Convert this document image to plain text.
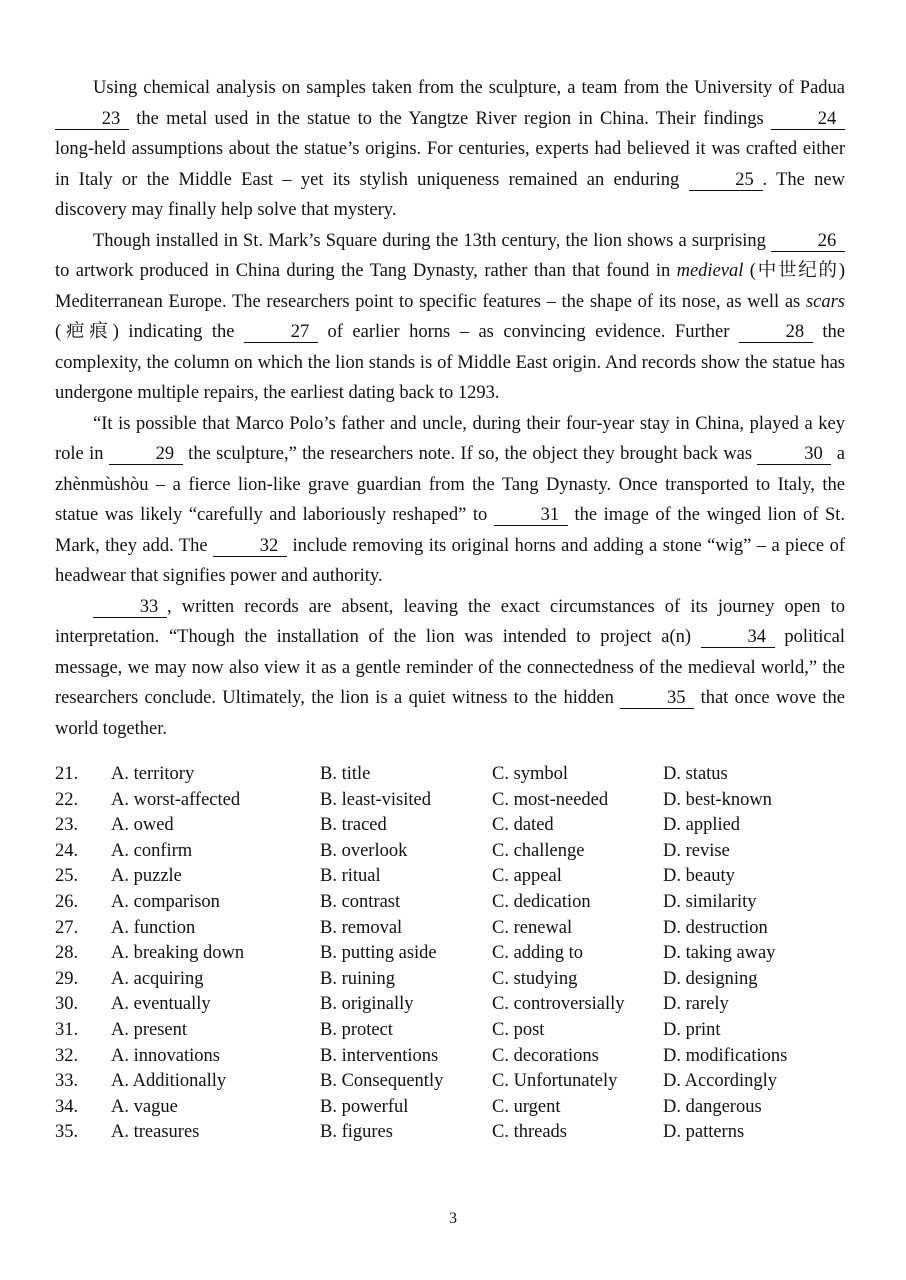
Using chemical analysis on samples taken from the sculpture, a team from the University of Padua 23 the metal used in the statue to the Yangtze River region in China. Their findings	24 long-held assumptions about the statue’s origins. For centuries, experts had believed it was crafted either in Italy or the Middle East – yet its stylish uniqueness remained an enduring	25 . The new discovery may finally help solve that mystery.

Though installed in St. Mark’s Square during the 13th century, the lion shows a surprising	26 to artwork produced in China during the Tang Dynasty, rather than that found in medieval (中世纪的) Mediterranean Europe. The researchers point to specific features – the shape of its nose, as well as scars (疤痕) indicating the	27 of earlier horns – as convincing evidence. Further	28 the complexity, the column on which the lion stands is of Middle East origin. And records show the statue has undergone multiple repairs, the earliest dating back to 1293.

“It is possible that Marco Polo’s father and uncle, during their four-year stay in China, played a key role in	29 the sculpture,” the researchers note. If so, the object they brought back was	30 a zhènmùshòu – a fierce lion-like grave guardian from the Tang Dynasty. Once transported to Italy, the statue was likely “carefully and laboriously reshaped” to	31 the image of the winged lion of St. Mark, they add. The	32 include removing its original horns and adding a stone “wig” – a piece of headwear that signifies power and authority.

33 , written records are absent, leaving the exact circumstances of its journey open to interpretation. “Though the installation of the lion was intended to project a(n)	34 political message, we may now also view it as a gentle reminder of the connectedness of the medieval world,” the researchers conclude. Ultimately, the lion is a quiet witness to the hidden	35 that once wove the world together.

21. A. territory	B. title	C. symbol	D. status
22. A. worst-affected	B. least-visited	C. most-needed	D. best-known
23. A. owed	B. traced	C. dated	D. applied
24. A. confirm	B. overlook	C. challenge	D. revise
25. A. puzzle	B. ritual	C. appeal	D. beauty
26. A. comparison	B. contrast	C. dedication	D. similarity
27. A. function	B. removal	C. renewal	D. destruction
28. A. breaking down	B. putting aside	C. adding to	D. taking away
29. A. acquiring	B. ruining	C. studying	D. designing
30. A. eventually	B. originally	C. controversially D. rarely
31. A. present	B. protect	C. post	D. print
32. A. innovations	B. interventions	C. decorations	D. modifications
33. A. Additionally	B. Consequently	C. Unfortunately D. Accordingly
34. A. vague	B. powerful	C. urgent	D. dangerous
35. A. treasures	B. figures	C. threads	D. patterns
3
